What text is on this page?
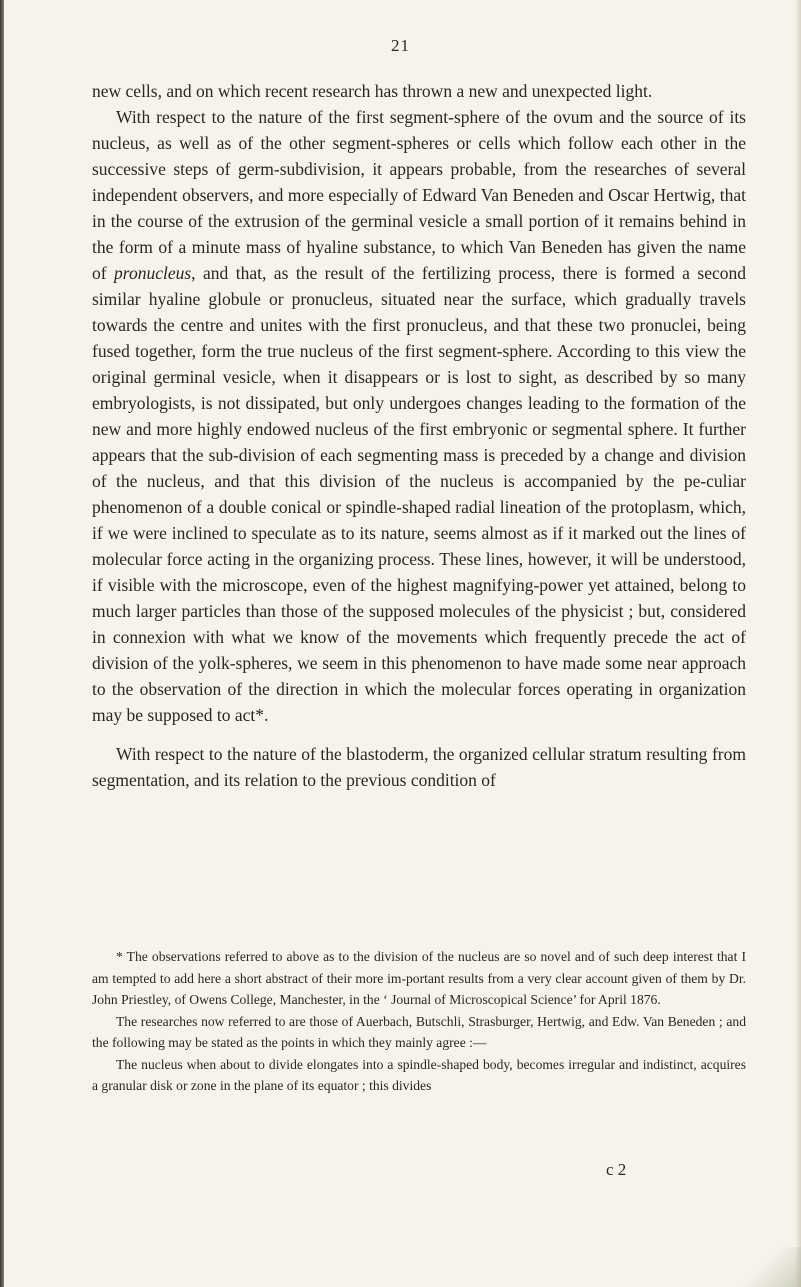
21

new cells, and on which recent research has thrown a new and unexpected light.

With respect to the nature of the first segment-sphere of the ovum and the source of its nucleus, as well as of the other segment-spheres or cells which follow each other in the successive steps of germ-subdivision, it appears probable, from the researches of several independent observers, and more especially of Edward Van Beneden and Oscar Hertwig, that in the course of the extrusion of the germinal vesicle a small portion of it remains behind in the form of a minute mass of hyaline substance, to which Van Beneden has given the name of pronucleus, and that, as the result of the fertilizing process, there is formed a second similar hyaline globule or pronucleus, situated near the surface, which gradually travels towards the centre and unites with the first pronucleus, and that these two pronuclei, being fused together, form the true nucleus of the first segment-sphere. According to this view the original germinal vesicle, when it disappears or is lost to sight, as described by so many embryologists, is not dissipated, but only undergoes changes leading to the formation of the new and more highly endowed nucleus of the first embryonic or segmental sphere. It further appears that the sub-division of each segmenting mass is preceded by a change and division of the nucleus, and that this division of the nucleus is accompanied by the pe-culiar phenomenon of a double conical or spindle-shaped radial lineation of the protoplasm, which, if we were inclined to speculate as to its nature, seems almost as if it marked out the lines of molecular force acting in the organizing process. These lines, however, it will be understood, if visible with the microscope, even of the highest magnifying-power yet attained, belong to much larger particles than those of the supposed molecules of the physicist ; but, considered in connexion with what we know of the movements which frequently precede the act of division of the yolk-spheres, we seem in this phenomenon to have made some near approach to the observation of the direction in which the molecular forces operating in organization may be supposed to act*.

With respect to the nature of the blastoderm, the organized cellular stratum resulting from segmentation, and its relation to the previous condition of

* The observations referred to above as to the division of the nucleus are so novel and of such deep interest that I am tempted to add here a short abstract of their more im-portant results from a very clear account given of them by Dr. John Priestley, of Owens College, Manchester, in the ‘ Journal of Microscopical Science’ for April 1876.

The researches now referred to are those of Auerbach, Butschli, Strasburger, Hertwig, and Edw. Van Beneden ; and the following may be stated as the points in which they mainly agree :—

The nucleus when about to divide elongates into a spindle-shaped body, becomes irregular and indistinct, acquires a granular disk or zone in the plane of its equator ; this divides

c 2
